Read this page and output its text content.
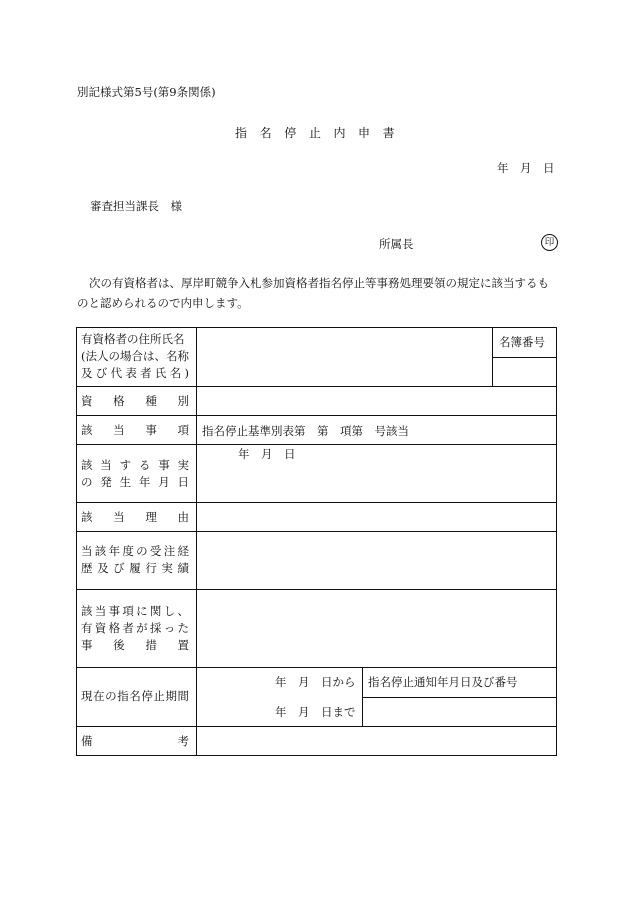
別記様式第5号(第9条関係)
指　名　停　止　内　申　書
年　月　日
審査担当課長　様
所属長	印
次の有資格者は、厚岸町競争入札参加資格者指名停止等事務処理要領の規定に該当するものと認められるので内申します。
有資格者の住所氏名
(法人の場合は、名称
及 び 代 表 者 氏 名 )
名簿番号
資 格 種 別
該 当 事 項 指名停止基準別表第　第　項第　号該当
該 当 す る 事 実
の 発 生 年 月 日
年　月　日
該 当 理 由
当 該 年 度 の 受 注 経
歴 及 び 履 行 実 績
該 当 事 項 に 関 し 、
有 資 格 者 が 採 っ た
事 後 措 置
現 在 の 指 名 停 止 期 間
年　月　日から
年　月　日まで
指名停止通知年月日及び番号
備	考
